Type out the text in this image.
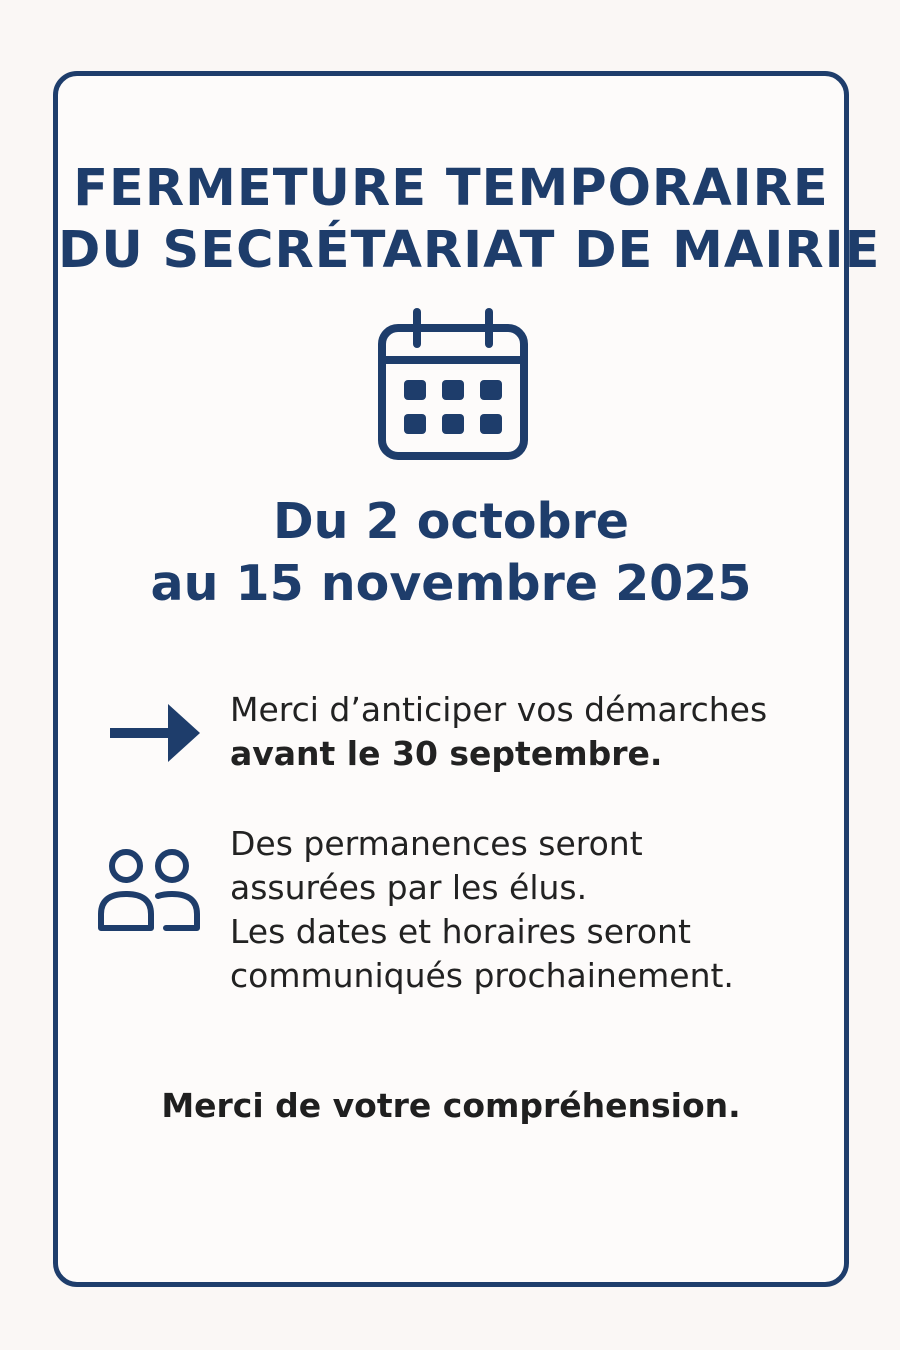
FERMETURE TEMPORAIRE
DU SECRÉTARIAT DE MAIRIE
Du 2 octobre
au 15 novembre 2025

Merci d’anticiper vos démarches
avant le 30 septembre.

Des permanences seront
assurées par les élus.
Les dates et horaires seront
communiqués prochainement.

Merci de votre compréhension.
